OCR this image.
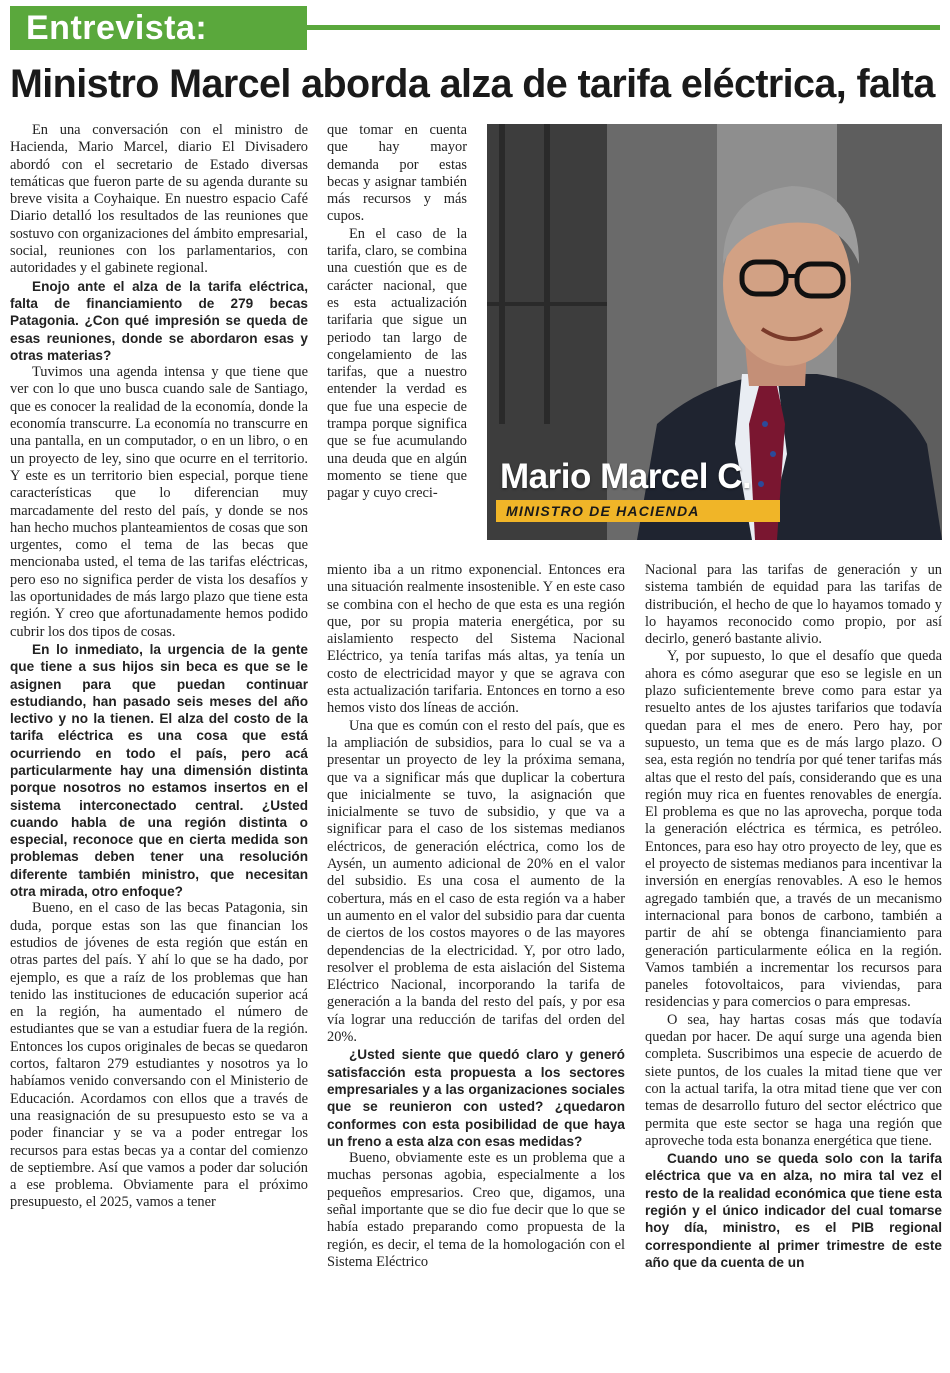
Entrevista:
Ministro Marcel aborda alza de tarifa eléctrica, falta

En una conversación con el ministro de Hacienda, Mario Marcel, diario El Divisadero abordó con el secretario de Estado diversas temáticas que fueron parte de su agenda durante su breve visita a Coyhaique. En nuestro espacio Café Diario detalló los resultados de las reuniones que sostuvo con organizaciones del ámbito empresarial, social, reuniones con los parlamentarios, con autoridades y el gabinete regional.

Enojo ante el alza de la tarifa eléctrica, falta de financiamiento de 279 becas Patagonia. ¿Con qué impresión se queda de esas reuniones, donde se abordaron esas y otras materias?

Tuvimos una agenda intensa y que tiene que ver con lo que uno busca cuando sale de Santiago, que es conocer la realidad de la economía, donde la economía transcurre. La economía no transcurre en una pantalla, en un computador, o en un libro, o en un proyecto de ley, sino que ocurre en el territorio. Y este es un territorio bien especial, porque tiene características que lo diferencian muy marcadamente del resto del país, y donde se nos han hecho muchos planteamientos de cosas que son urgentes, como el tema de las becas que mencionaba usted, el tema de las tarifas eléctricas, pero eso no significa perder de vista los desafíos y las oportunidades de más largo plazo que tiene esta región. Y creo que afortunadamente hemos podido cubrir los dos tipos de cosas.

En lo inmediato, la urgencia de la gente que tiene a sus hijos sin beca es que se le asignen para que puedan continuar estudiando, han pasado seis meses del año lectivo y no la tienen. El alza del costo de la tarifa eléctrica es una cosa que está ocurriendo en todo el país, pero acá particularmente hay una dimensión distinta porque nosotros no estamos insertos en el sistema interconectado central. ¿Usted cuando habla de una región distinta o especial, reconoce que en cierta medida son problemas deben tener una resolución diferente también ministro, que necesitan otra mirada, otro enfoque?

Bueno, en el caso de las becas Patagonia, sin duda, porque estas son las que financian los estudios de jóvenes de esta región que están en otras partes del país. Y ahí lo que se ha dado, por ejemplo, es que a raíz de los problemas que han tenido las instituciones de educación superior acá en la región, ha aumentado el número de estudiantes que se van a estudiar fuera de la región. Entonces los cupos originales de becas se quedaron cortos, faltaron 279 estudiantes y nosotros ya lo habíamos venido conversando con el Ministerio de Educación. Acordamos con ellos que a través de una reasignación de su presupuesto esto se va a poder financiar y se va a poder entregar los recursos para estas becas ya a contar del comienzo de septiembre. Así que vamos a poder dar solución a ese problema. Obviamente para el próximo presupuesto, el 2025, vamos a tener

que tomar en cuenta que hay mayor demanda por estas becas y asignar también más recursos y más cupos.

En el caso de la tarifa, claro, se combina una cuestión que es de carácter nacional, que es esta actualización tarifaria que sigue un periodo tan largo de congelamiento de las tarifas, que a nuestro entender la verdad es que fue una especie de trampa porque significa que se fue acumulando una deuda que en algún momento se tiene que pagar y cuyo creci-	Mario Marcel C.
MINISTRO DE HACIENDA

miento iba a un ritmo exponencial. Entonces era una situación realmente insostenible. Y en este caso se combina con el hecho de que esta es una región que, por su propia materia energética, por su aislamiento respecto del Sistema Nacional Eléctrico, ya tenía tarifas más altas, ya tenía un costo de electricidad mayor y que se agrava con esta actualización tarifaria. Entonces en torno a eso hemos visto dos líneas de acción.

Una que es común con el resto del país, que es la ampliación de subsidios, para lo cual se va a presentar un proyecto de ley la próxima semana, que va a significar más que duplicar la cobertura que inicialmente se tuvo, la asignación que inicialmente se tuvo de subsidio, y que va a significar para el caso de los sistemas medianos eléctricos, de generación eléctrica, como los de Aysén, un aumento adicional de 20% en el valor del subsidio. Es una cosa el aumento de la cobertura, más en el caso de esta región va a haber un aumento en el valor del subsidio para dar cuenta de ciertos de los costos mayores o de las mayores dependencias de la electricidad. Y, por otro lado, resolver el problema de esta aislación del Sistema Eléctrico Nacional, incorporando la tarifa de generación a la banda del resto del país, y por esa vía lograr una reducción de tarifas del orden del 20%.

¿Usted siente que quedó claro y generó satisfacción esta propuesta a los sectores empresariales y a las organizaciones sociales que se reunieron con usted? ¿quedaron conformes con esta posibilidad de que haya un freno a esta alza con esas medidas?

Bueno, obviamente este es un problema que a muchas personas agobia, especialmente a los pequeños empresarios. Creo que, digamos, una señal importante que se dio fue decir que lo que se había estado preparando como propuesta de la región, es decir, el tema de la homologación con el Sistema Eléctrico

Nacional para las tarifas de generación y un sistema también de equidad para las tarifas de distribución, el hecho de que lo hayamos tomado y lo hayamos reconocido como propio, por así decirlo, generó bastante alivio.

Y, por supuesto, lo que el desafío que queda ahora es cómo asegurar que eso se legisle en un plazo suficientemente breve como para estar ya resuelto antes de los ajustes tarifarios que todavía quedan para el mes de enero. Pero hay, por supuesto, un tema que es de más largo plazo. O sea, esta región no tendría por qué tener tarifas más altas que el resto del país, considerando que es una región muy rica en fuentes renovables de energía. El problema es que no las aprovecha, porque toda la generación eléctrica es térmica, es petróleo. Entonces, para eso hay otro proyecto de ley, que es el proyecto de sistemas medianos para incentivar la inversión en energías renovables. A eso le hemos agregado también que, a través de un mecanismo internacional para bonos de carbono, también a partir de ahí se obtenga financiamiento para generación particularmente eólica en la región. Vamos también a incrementar los recursos para paneles fotovoltaicos, para viviendas, para residencias y para comercios o para empresas.

O sea, hay hartas cosas más que todavía quedan por hacer. De aquí surge una agenda bien completa. Suscribimos una especie de acuerdo de siete puntos, de los cuales la mitad tiene que ver con la actual tarifa, la otra mitad tiene que ver con temas de desarrollo futuro del sector eléctrico que permita que este sector se haga una región que aproveche toda esta bonanza energética que tiene.

Cuando uno se queda solo con la tarifa eléctrica que va en alza, no mira tal vez el resto de la realidad económica que tiene esta región y el único indicador del cual tomarse hoy día, ministro, es el PIB regional correspondiente al primer trimestre de este año que da cuenta de un
